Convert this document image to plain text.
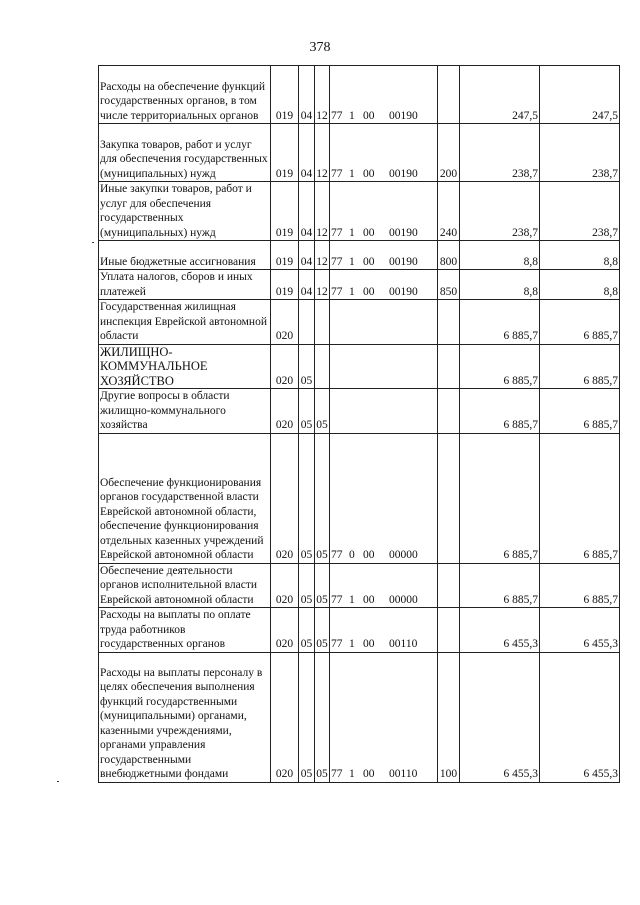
378
Расходы на обеспечение функций государственных органов, в том числе территориальных органов	019	04	12	77 1 00 00190		247,5	247,5
Закупка товаров, работ и услуг для обеспечения государственных (муниципальных) нужд	019	04	12	77 1 00 00190	200	238,7	238,7
Иные закупки товаров, работ и услуг для обеспечения государственных (муниципальных) нужд	019	04	12	77 1 00 00190	240	238,7	238,7
Иные бюджетные ассигнования	019	04	12	77 1 00 00190	800	8,8	8,8
Уплата налогов, сборов и иных платежей	019	04	12	77 1 00 00190	850	8,8	8,8
Государственная жилищная инспекция Еврейской автономной области	020					6 885,7	6 885,7
ЖИЛИЩНО-КОММУНАЛЬНОЕ ХОЗЯЙСТВО	020	05				6 885,7	6 885,7
Другие вопросы в области жилищно-коммунального хозяйства	020	05	05			6 885,7	6 885,7
Обеспечение функционирования органов государственной власти Еврейской автономной области, обеспечение функционирования отдельных казенных учреждений Еврейской автономной области	020	05	05	77 0 00 00000		6 885,7	6 885,7
Обеспечение деятельности органов исполнительной власти Еврейской автономной области	020	05	05	77 1 00 00000		6 885,7	6 885,7
Расходы на выплаты по оплате труда работников государственных органов	020	05	05	77 1 00 00110		6 455,3	6 455,3
Расходы на выплаты персоналу в целях обеспечения выполнения функций государственными (муниципальными) органами, казенными учреждениями, органами управления государственными внебюджетными фондами	020	05	05	77 1 00 00110	100	6 455,3	6 455,3
